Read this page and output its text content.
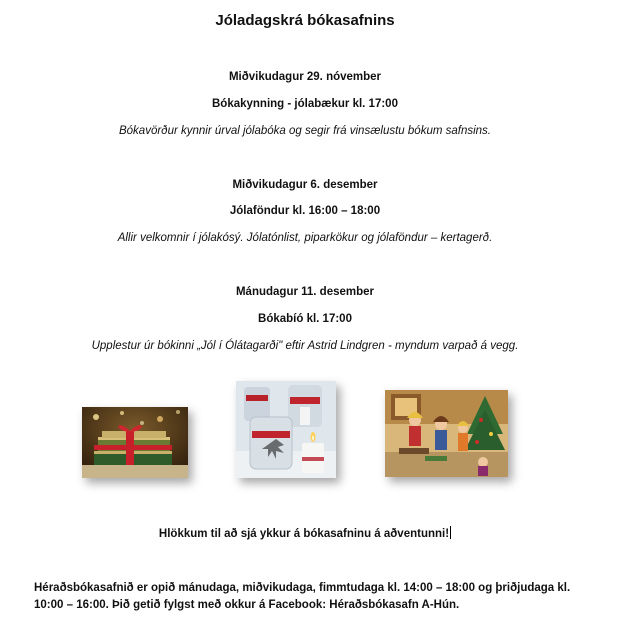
Jóladagskrá bókasafnins
Miðvikudagur 29. nóvember
Bókakynning - jólabækur kl. 17:00
Bókavörður kynnir úrval jólabóka og segir frá vinsælustu bókum safnsins.
Miðvikudagur 6. desember
Jólaföndur kl. 16:00 – 18:00
Allir velkomnir í jólakósý. Jólatónlist, piparkökur og jólaföndur – kertagerð.
Mánudagur 11. desember
Bókabíó kl. 17:00
Upplestur úr bókinni „Jól í Ólátagarði" eftir Astrid Lindgren - myndum varpað á vegg.
Hlökkum til að sjá ykkur á bókasafninu á aðventunni!
Héraðsbókasafnið er opið mánudaga, miðvikudaga, fimmtudaga kl. 14:00 – 18:00 og þriðjudaga kl. 10:00 – 16:00. Þið getið fylgst með okkur á Facebook: Héraðsbókasafn A-Hún.
